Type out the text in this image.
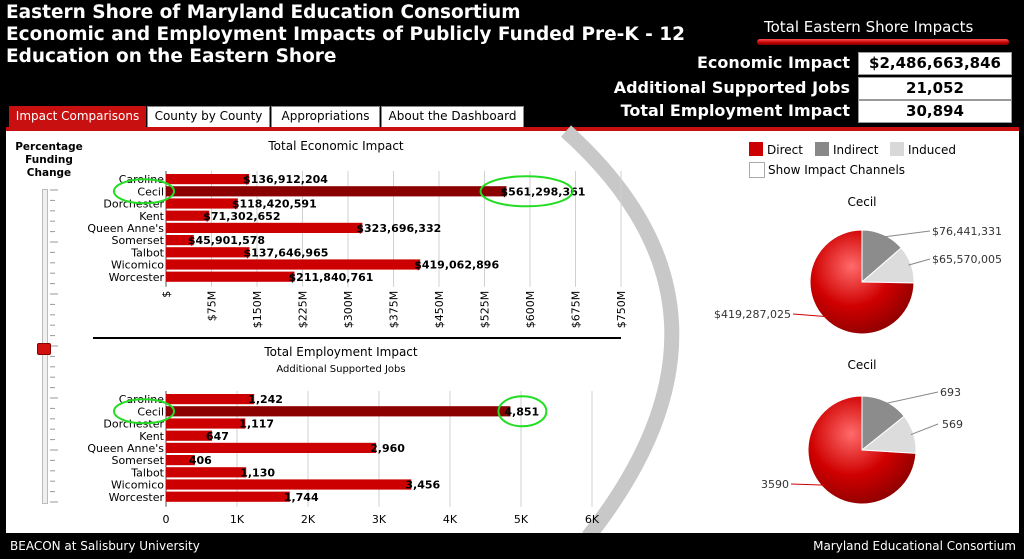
Eastern Shore of Maryland Education Consortium
Economic and Employment Impacts of Publicly Funded Pre-K - 12
Education on the Eastern Shore
Total Eastern Shore Impacts
Economic Impact	$2,486,663,846
Additional Supported Jobs	21,052
Total Employment Impact	30,894
Impact Comparisons	County by County	Appropriations	About the Dashboard
Percentage Funding Change
Total Economic Impact
Caroline
Cecil
Dorchester
Kent
Queen Anne's
Somerset
Talbot
Wicomico
Worcester
$136,912,204
$561,298,361
$118,420,591
$71,302,652
$323,696,332
$45,901,578
$137,646,965
$419,062,896
$211,840,761
$	$75M	$150M	$225M	$300M	$375M	$450M	$525M	$600M	$675M	$750M
Total Employment Impact
Additional Supported Jobs
Caroline
Cecil
Dorchester
Kent
Queen Anne's
Somerset
Talbot
Wicomico
Worcester
1,242
4,851
1,117
647
2,960
406
1,130
3,456
1,744
0	1K	2K	3K	4K	5K	6K
Direct	Indirect	Induced
Show Impact Channels
Cecil
$76,441,331
$65,570,005
$419,287,025
Cecil
693
569
3590
BEACON at Salisbury University	Maryland Educational Consortium
